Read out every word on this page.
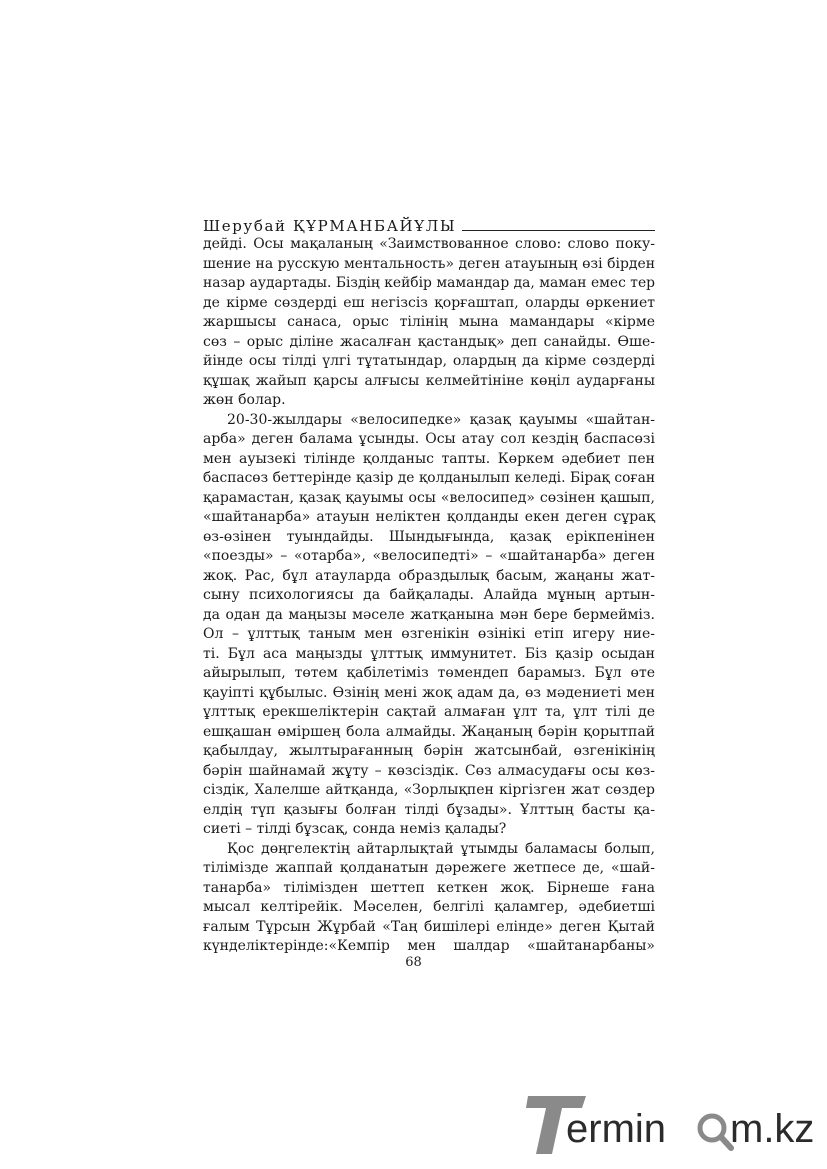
Шерубай ҚҰРМАНБАЙҰЛЫ
дейді. Осы мақаланың «Заимствованное слово: слово поку-
шение на русскую ментальность» деген атауының өзі бірден
назар аудартады. Біздің кейбір мамандар да, маман емес тер
де кірме сөздерді еш негізсіз қорғаштап, оларды өркениет
жаршысы санаса, орыс тілінің мына мамандары «кірме
сөз – орыс діліне жасалған қастандық» деп санайды. Өше-
йінде осы тілді үлгі тұтатындар, олардың да кірме сөздерді
құшақ жайып қарсы алғысы келмейтініне көңіл аударғаны
жөн болар.
20-30-жылдары «велосипедке» қазақ қауымы «шайтан-
арба» деген балама ұсынды. Осы атау сол кездің баспасөзі
мен ауызекі тілінде қолданыс тапты. Көркем әдебиет пен
баспасөз беттерінде қазір де қолданылып келеді. Бірақ соған
қарамастан, қазақ қауымы осы «велосипед» сөзінен қашып,
«шайтанарба» атауын неліктен қолданды екен деген сұрақ
өз-өзінен туындайды. Шындығында, қазақ ерікпенінен
«поезды» – «отарба», «велосипедті» – «шайтанарба» деген
жоқ. Рас, бұл атауларда образдылық басым, жаңаны жат-
сыну психологиясы да байқалады. Алайда мұның артын-
да одан да маңызы мәселе жатқанына мән бере бермейміз.
Ол – ұлттық таным мен өзгенікін өзінікі етіп игеру ние-
ті. Бұл аса маңызды ұлттық иммунитет. Біз қазір осыдан
айырылып, төтем қабілетіміз төмендеп барамыз. Бұл өте
қауіпті құбылыс. Өзінің мені жоқ адам да, өз мәдениеті мен
ұлттық ерекшеліктерін сақтай алмаған ұлт та, ұлт тілі де
ешқашан өміршең бола алмайды. Жаңаның бәрін қорытпай
қабылдау, жылтырағанның бәрін жатсынбай, өзгенікінің
бәрін шайнамай жұту – көзсіздік. Сөз алмасудағы осы көз-
сіздік, Халелше айтқанда, «Зорлықпен кіргізген жат сөздер
елдің түп қазығы болған тілді бұзады». Ұлттың басты қа-
сиеті – тілді бұзсақ, сонда неміз қалады?
Қос дөңгелектің айтарлықтай ұтымды баламасы болып,
тілімізде жаппай қолданатын дәрежеге жетпесе де, «шай-
танарба» тілімізден шеттеп кеткен жоқ. Бірнеше ғана
мысал келтірейік. Мәселен, белгілі қаламгер, әдебиетші
ғалым Тұрсын Жұрбай «Таң бишілері елінде» деген Қытай
күнделіктерінде:«Кемпір мен шалдар «шайтанарбаны»
68
ermin m.kz
